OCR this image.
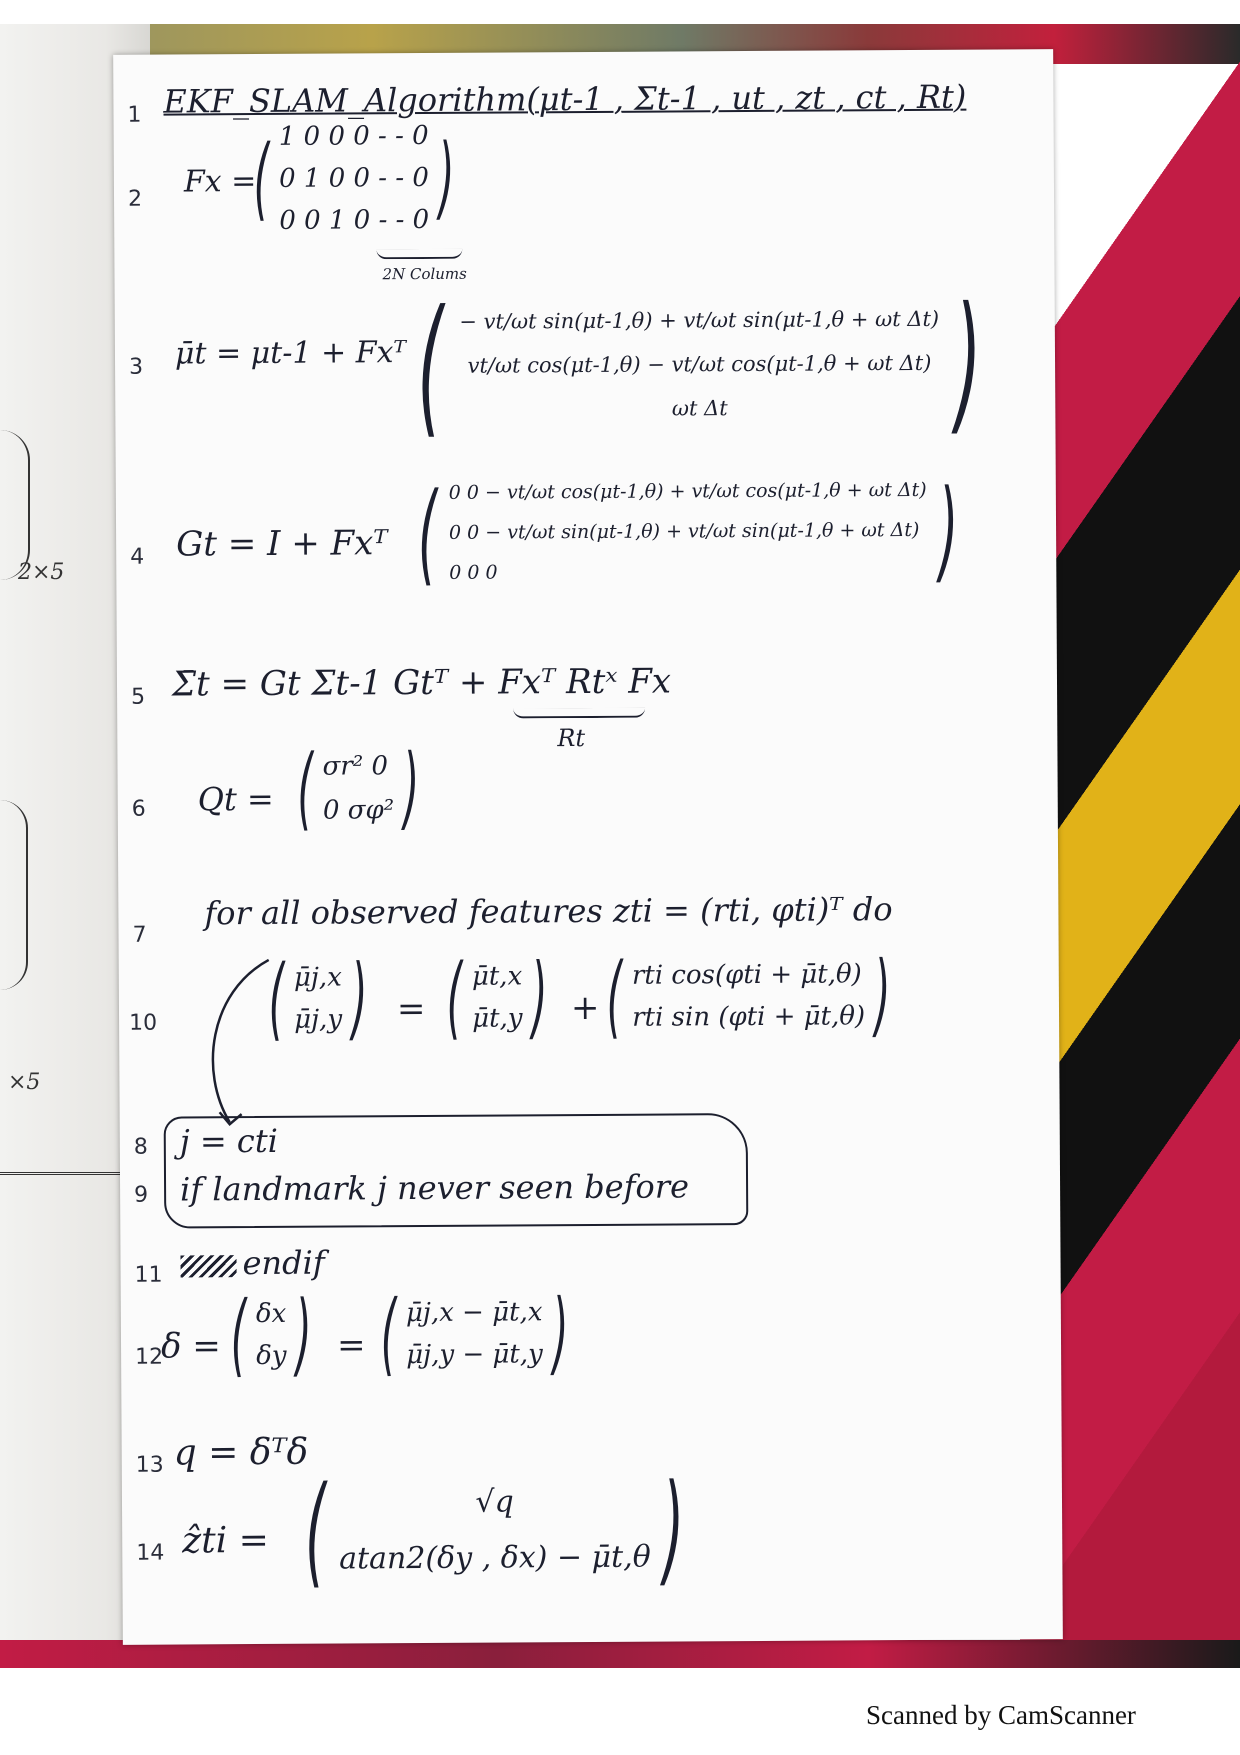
2×5
×5
1 EKF_SLAM_Algorithm(μt-1 , Σt-1 , ut , zt , ct , Rt)
2 Fx =
( 1 0 0 0 - - 0
0 1 0 0 - - 0
0 0 1 0 - - 0 )
2N Colums
3 μ̄t = μt-1 + Fxᵀ ( − vt/ωt sin(μt-1,θ) + vt/ωt sin(μt-1,θ + ωt Δt)
vt/ωt cos(μt-1,θ) − vt/ωt cos(μt-1,θ + ωt Δt)
ωt Δt	)
4 Gt = I + Fxᵀ ( 0 0 − vt/ωt cos(μt-1,θ) + vt/ωt cos(μt-1,θ + ωt Δt)
0 0 − vt/ωt sin(μt-1,θ) + vt/ωt sin(μt-1,θ + ωt Δt)
0 0 0	)
5 Σ̄t = Gt Σt-1 Gtᵀ + Fxᵀ Rtˣ Fx
Rt
6 Qt = ( σr² 0
0 σφ² )
7
for all observed features zti = (rti, φti)ᵀ do
10 ( μ̄j,x
μ̄j,y ) = ( μ̄t,x
μ̄t,y ) + ( rti cos(φti + μ̄t,θ)
rti sin (φti + μ̄t,θ) )
8 j = cti
9 if landmark j never seen before
11	endif
12
δ = ( δx
δy ) = ( μ̄j,x − μ̄t,x
μ̄j,y − μ̄t,y )
13 q = δᵀδ
14 ẑti = (	√q
atan2(δy , δx) − μ̄t,θ )
Scanned by CamScanner
